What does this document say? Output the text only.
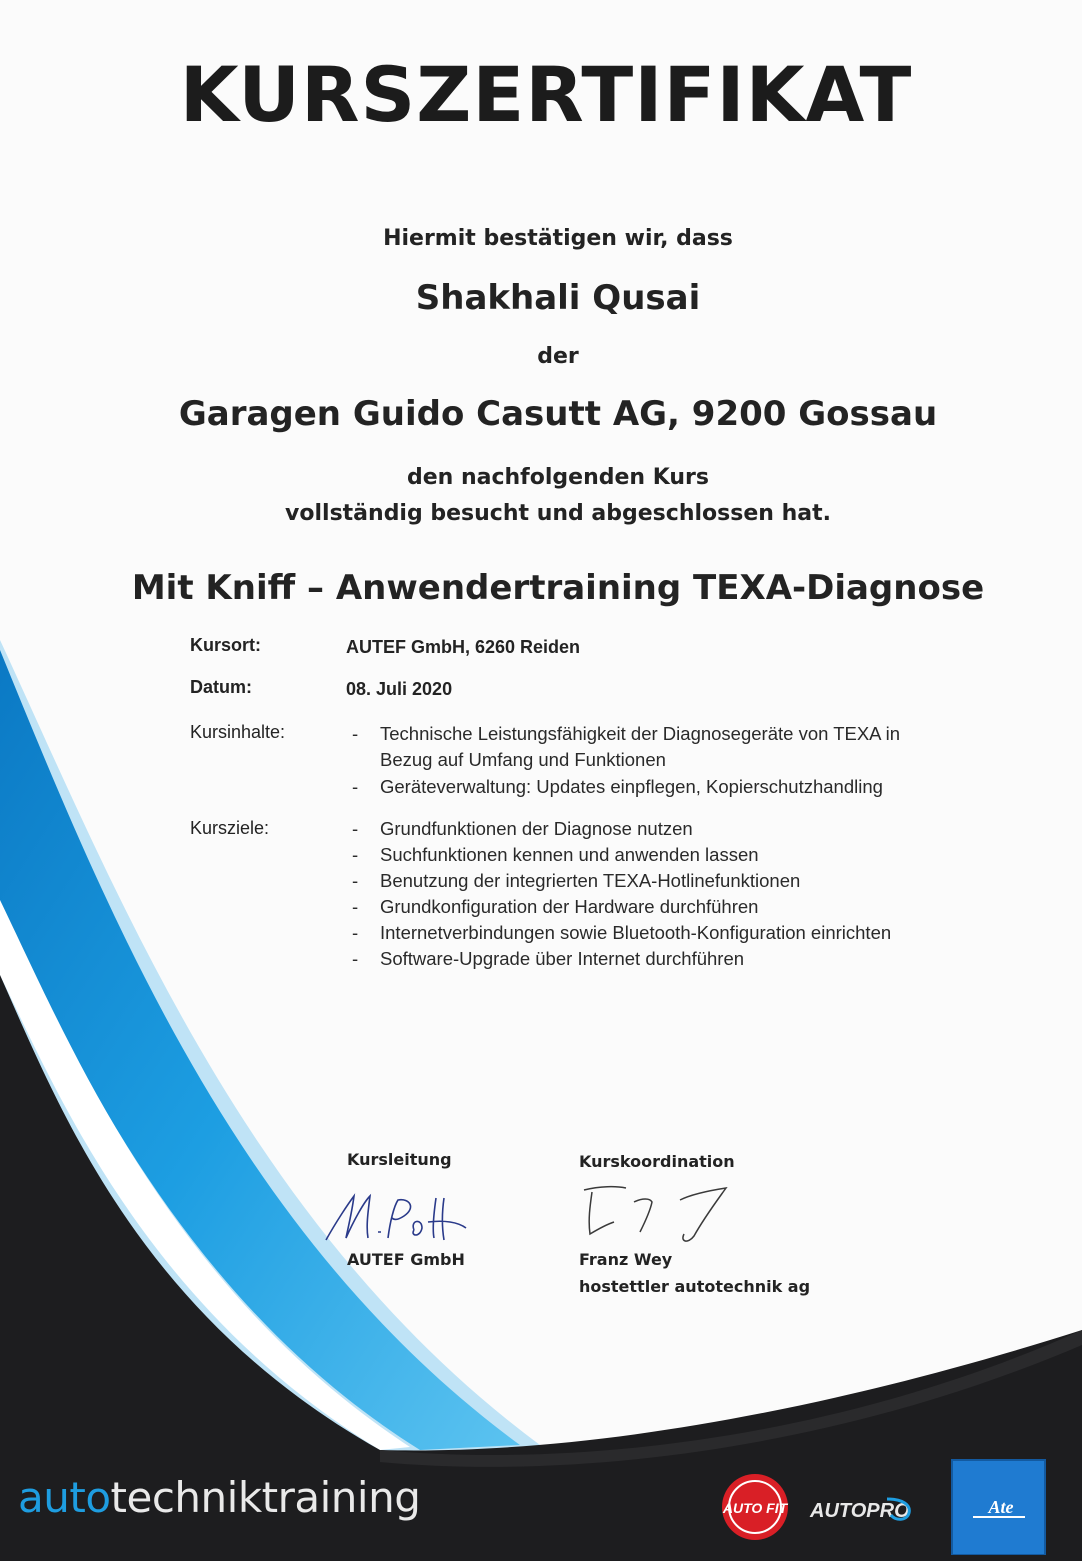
KURSZERTIFIKAT
Hiermit bestätigen wir, dass
Shakhali Qusai
der
Garagen Guido Casutt AG, 9200 Gossau
den nachfolgenden Kurs
vollständig besucht und abgeschlossen hat.
Mit Kniff – Anwendertraining TEXA-Diagnose
Kursort:	AUTEF GmbH, 6260 Reiden
Datum:	08. Juli 2020
Kursinhalte:	- Technische Leistungsfähigkeit der Diagnosegeräte von TEXA in
Bezug auf Umfang und Funktionen
- Geräteverwaltung: Updates einpflegen, Kopierschutzhandling
Kursziele:	- Grundfunktionen der Diagnose nutzen
- Suchfunktionen kennen und anwenden lassen
- Benutzung der integrierten TEXA-Hotlinefunktionen
- Grundkonfiguration der Hardware durchführen
- Internetverbindungen sowie Bluetooth-Konfiguration einrichten
- Software-Upgrade über Internet durchführen
Kursleitung
AUTEF GmbH
Kurskoordination
Franz Wey
hostettler autotechnik ag
autotechniktraining	AUTO FIT AUTOPRO	Ate
